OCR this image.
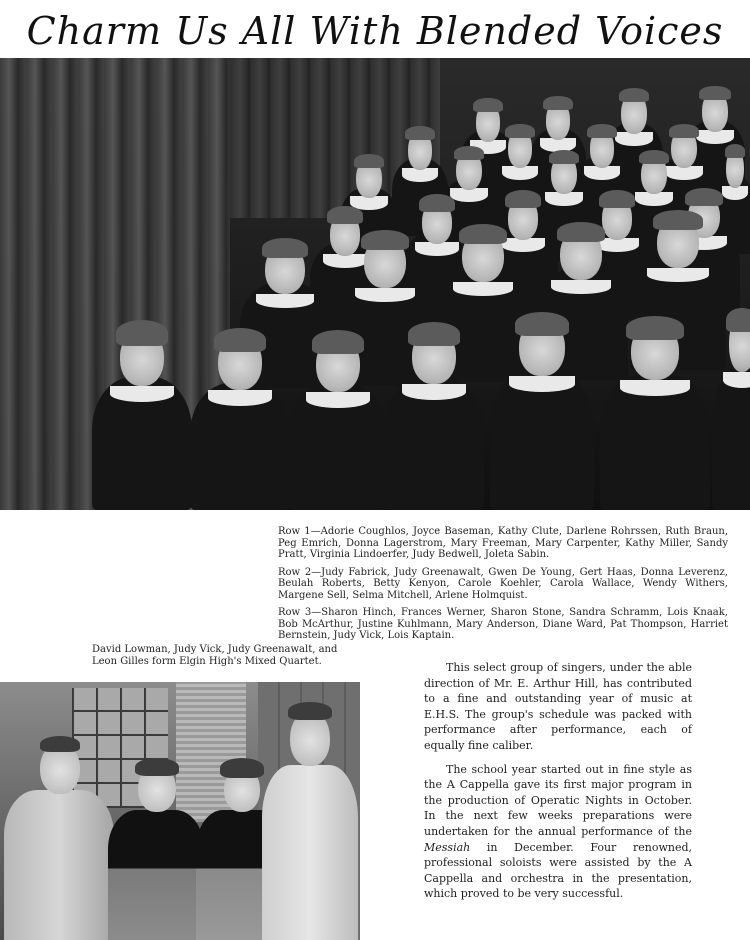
Charm Us All With Blended Voices

Row 1—Adorie Coughlos, Joyce Baseman, Kathy Clute, Darlene Rohrssen, Ruth Braun, Peg Emrich, Donna Lagerstrom, Mary Freeman, Mary Carpenter, Kathy Miller, Sandy Pratt, Virginia Lindoerfer, Judy Bedwell, Joleta Sabin.

Row 2—Judy Fabrick, Judy Greenawalt, Gwen De Young, Gert Haas, Donna Leverenz, Beulah Roberts, Betty Kenyon, Carole Koehler, Carola Wallace, Wendy Withers, Margene Sell, Selma Mitchell, Arlene Holmquist.

Row 3—Sharon Hinch, Frances Werner, Sharon Stone, Sandra Schramm, Lois Knaak, Bob McArthur, Justine Kuhlmann, Mary Anderson, Diane Ward, Pat Thompson, Harriet Bernstein, Judy Vick, Lois Kaptain.

David Lowman, Judy Vick, Judy Greenawalt, and Leon Gilles form Elgin High's Mixed Quartet.	This select group of singers, under the able direction of Mr. E. Arthur Hill, has contributed to a fine and outstanding year of music at E.H.S. The group's schedule was packed with performance after performance, each of equally fine caliber.

The school year started out in fine style as the A Cappella gave its first major program in the production of Operatic Nights in October. In the next few weeks preparations were undertaken for the annual performance of the Messiah in December. Four renowned, professional soloists were assisted by the A Cappella and orchestra in the presentation, which proved to be very successful.
